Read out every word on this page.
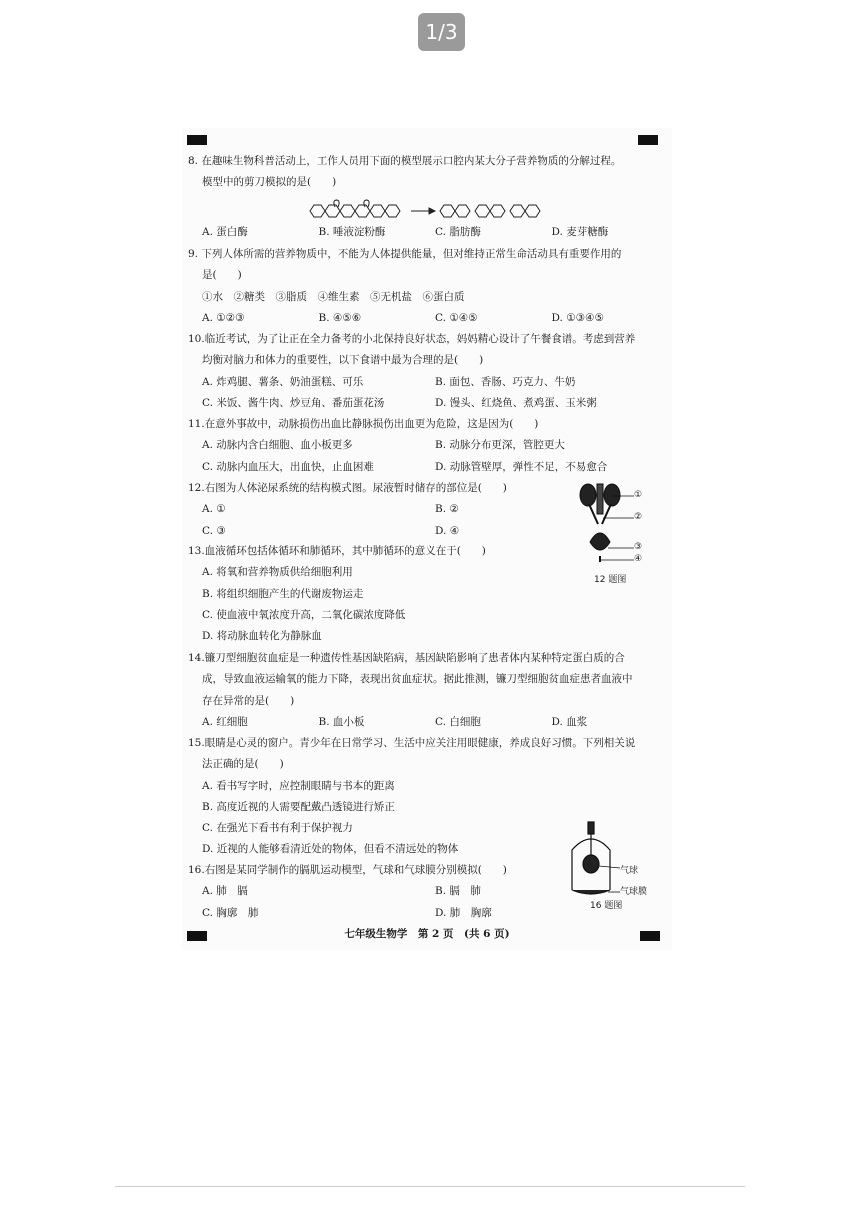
1/3

8. 在趣味生物科普活动上，工作人员用下面的模型展示口腔内某大分子营养物质的分解过程。

模型中的剪刀模拟的是(　　)

A. 蛋白酶	B. 唾液淀粉酶	C. 脂肪酶	D. 麦芽糖酶

9. 下列人体所需的营养物质中，不能为人体提供能量，但对维持正常生命活动具有重要作用的

是(　　)

①水　②糖类　③脂质　④维生素　⑤无机盐　⑥蛋白质

A. ①②③	B. ④⑤⑥	C. ①④⑤	D. ①③④⑤

10.临近考试，为了让正在全力备考的小北保持良好状态，妈妈精心设计了午餐食谱。考虑到营养

均衡对脑力和体力的重要性，以下食谱中最为合理的是(　　)

A. 炸鸡腿、薯条、奶油蛋糕、可乐	B. 面包、香肠、巧克力、牛奶
C. 米饭、酱牛肉、炒豆角、番茄蛋花汤	D. 馒头、红烧鱼、煮鸡蛋、玉米粥

11.在意外事故中，动脉损伤出血比静脉损伤出血更为危险，这是因为(　　)

A. 动脉内含白细胞、血小板更多	B. 动脉分布更深，管腔更大
C. 动脉内血压大，出血快，止血困难	D. 动脉管壁厚，弹性不足，不易愈合

12.右图为人体泌尿系统的结构模式图。尿液暂时储存的部位是(　　)

A. ①	B. ②
C. ③	D. ④
①
②
③
④
12 题图

13.血液循环包括体循环和肺循环，其中肺循环的意义在于(　　)

A. 将氧和营养物质供给细胞利用

B. 将组织细胞产生的代谢废物运走

C. 使血液中氧浓度升高，二氧化碳浓度降低

D. 将动脉血转化为静脉血

14.镰刀型细胞贫血症是一种遗传性基因缺陷病，基因缺陷影响了患者体内某种特定蛋白质的合

成，导致血液运输氧的能力下降，表现出贫血症状。据此推测，镰刀型细胞贫血症患者血液中

存在异常的是(　　)

A. 红细胞	B. 血小板	C. 白细胞	D. 血浆

15.眼睛是心灵的窗户。青少年在日常学习、生活中应关注用眼健康，养成良好习惯。下列相关说

法正确的是(　　)

A. 看书写字时，应控制眼睛与书本的距离

B. 高度近视的人需要配戴凸透镜进行矫正

C. 在强光下看书有利于保护视力

D. 近视的人能够看清近处的物体，但看不清远处的物体

16.右图是某同学制作的膈肌运动模型，气球和气球膜分别模拟(　　)

A. 肺　膈	B. 膈　肺
C. 胸廓　肺	D. 肺　胸廓
气球
气球膜
16 题图
七年级生物学　第 2 页　(共 6 页)
